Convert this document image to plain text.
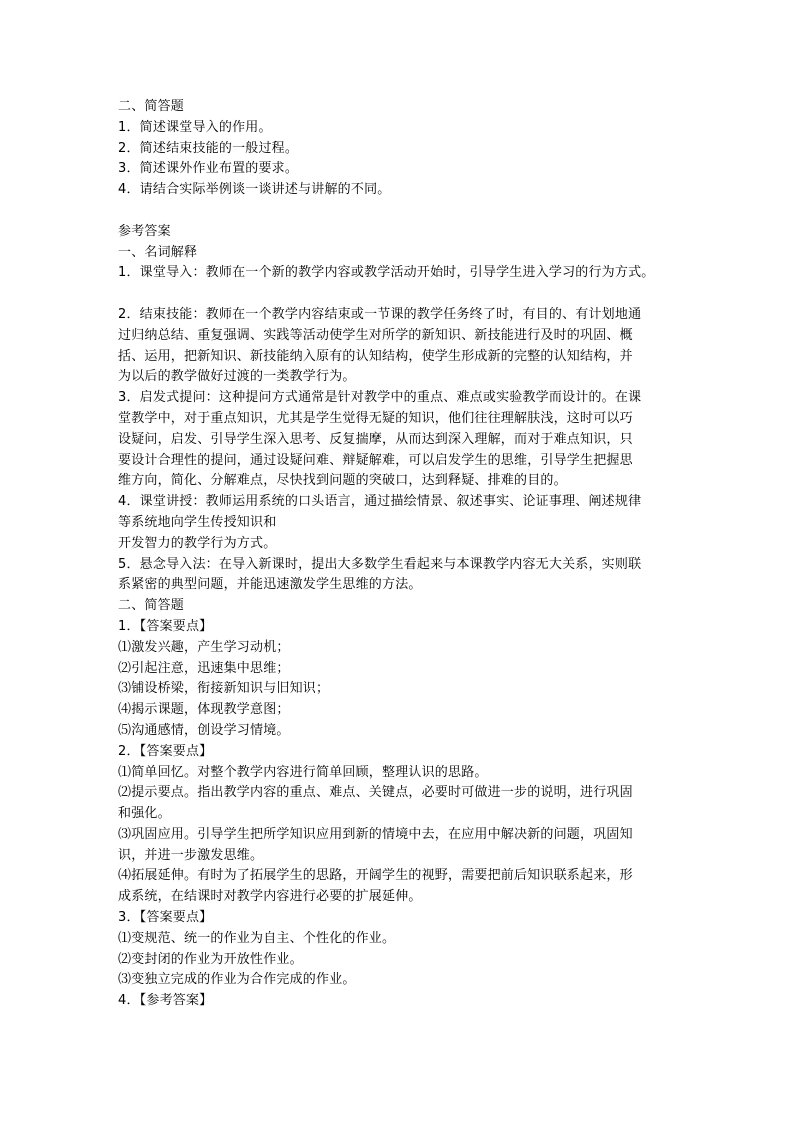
二、简答题
1．简述课堂导入的作用。
2．简述结束技能的一般过程。
3．简述课外作业布置的要求。
4．请结合实际举例谈一谈讲述与讲解的不同。
参考答案
一、名词解释
1．课堂导入：教师在一个新的教学内容或教学活动开始时，引导学生进入学习的行为方式。
2．结束技能：教师在一个教学内容结束或一节课的教学任务终了时，有目的、有计划地通
过归纳总结、重复强调、实践等活动使学生对所学的新知识、新技能进行及时的巩固、概
括、运用，把新知识、新技能纳入原有的认知结构，使学生形成新的完整的认知结构，并
为以后的教学做好过渡的一类教学行为。
3．启发式提问：这种提问方式通常是针对教学中的重点、难点或实验教学而设计的。在课
堂教学中，对于重点知识，尤其是学生觉得无疑的知识，他们往往理解肤浅，这时可以巧
设疑问，启发、引导学生深入思考、反复揣摩，从而达到深入理解，而对于难点知识，只
要设计合理性的提问，通过设疑问难、辩疑解难，可以启发学生的思维，引导学生把握思
维方向，简化、分解难点，尽快找到问题的突破口，达到释疑、排难的目的。
4．课堂讲授：教师运用系统的口头语言，通过描绘情景、叙述事实、论证事理、阐述规律
等系统地向学生传授知识和
开发智力的教学行为方式。
5．悬念导入法：在导入新课时，提出大多数学生看起来与本课教学内容无大关系，实则联
系紧密的典型问题，并能迅速激发学生思维的方法。
二、简答题
1．【答案要点】
⑴激发兴趣，产生学习动机；
⑵引起注意，迅速集中思维；
⑶铺设桥梁，衔接新知识与旧知识；
⑷揭示课题，体现教学意图；
⑸沟通感情，创设学习情境。
2．【答案要点】
⑴简单回忆。对整个教学内容进行简单回顾，整理认识的思路。
⑵提示要点。指出教学内容的重点、难点、关键点，必要时可做进一步的说明，进行巩固
和强化。
⑶巩固应用。引导学生把所学知识应用到新的情境中去，在应用中解决新的问题，巩固知
识，并进一步激发思维。
⑷拓展延伸。有时为了拓展学生的思路，开阔学生的视野，需要把前后知识联系起来，形
成系统，在结课时对教学内容进行必要的扩展延伸。
3．【答案要点】
⑴变规范、统一的作业为自主、个性化的作业。
⑵变封闭的作业为开放性作业。
⑶变独立完成的作业为合作完成的作业。
4．【参考答案】
